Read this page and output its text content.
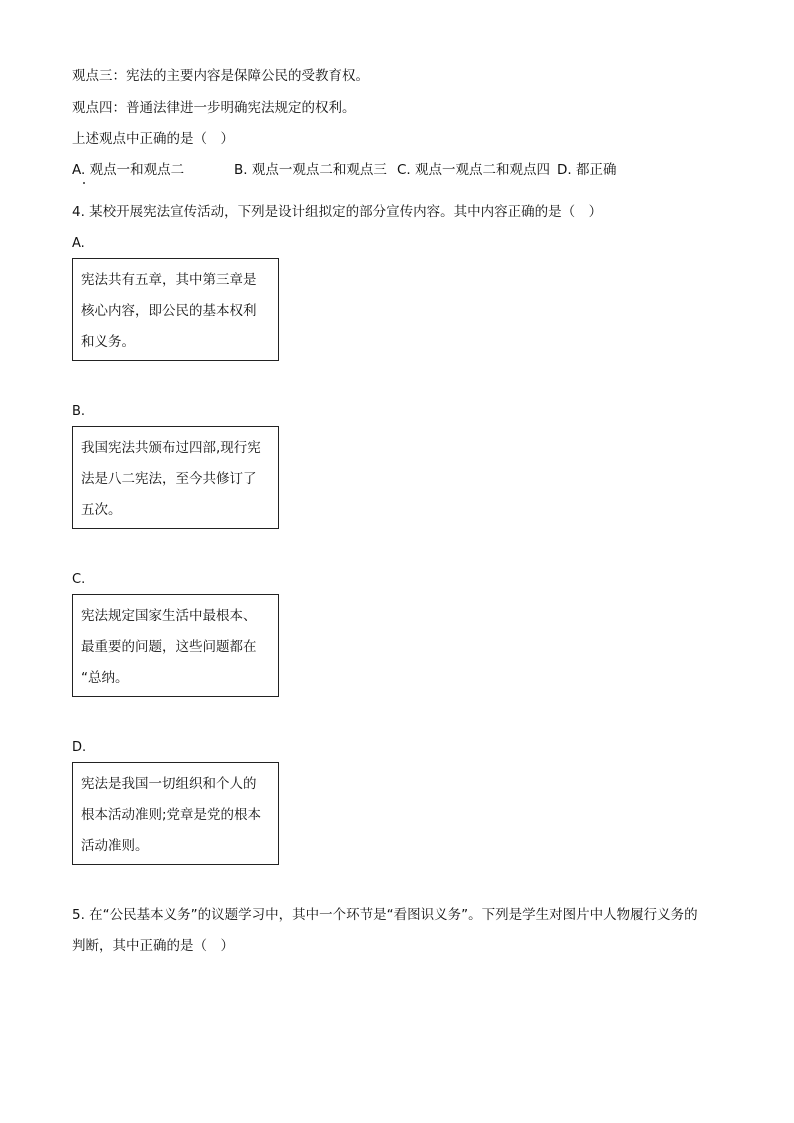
观点三：宪法的主要内容是保障公民的受教育权。
观点四：普通法律进一步明确宪法规定的权利。
上述观点中正确的是（　）
A. 观点一和观点二	B. 观点一观点二和观点三 C. 观点一观点二和观点四 D. 都正确
4. 某校开展宪法宣传活动，下列是设计组拟定的部分宣传内容。其中内容正确的是（　）
A.
宪法共有五章，其中第三章是
核心内容，即公民的基本权利
和义务。
B.
我国宪法共颁布过四部,现行宪
法是八二宪法，至今共修订了
五次。
C.
宪法规定国家生活中最根本、
最重要的问题，这些问题都在
“总纳。
D.
宪法是我国一切组织和个人的
根本活动准则;党章是党的根本
活动准则。
5. 在“公民基本义务”的议题学习中，其中一个环节是“看图识义务”。下列是学生对图片中人物履行义务的
判断，其中正确的是（　）
